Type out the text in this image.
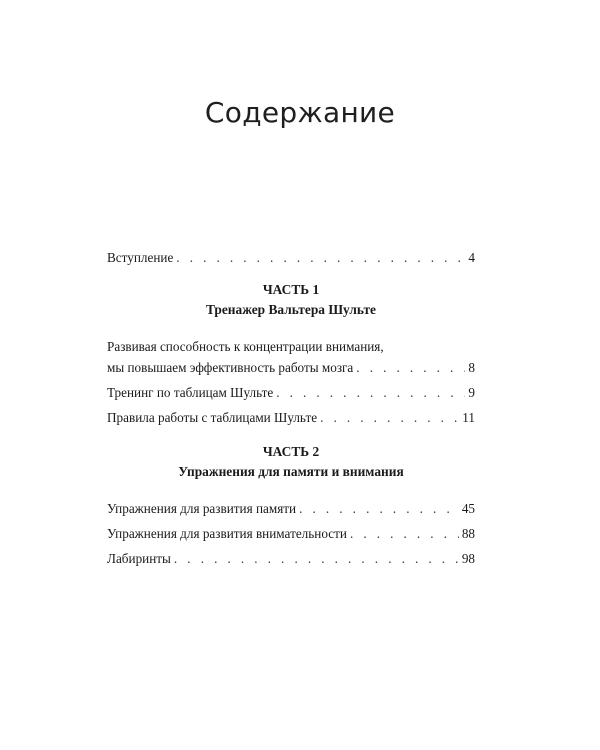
Содержание
Вступление . . .	4
ЧАСТЬ 1
Тренажер Вальтера Шульте
Развивая способность к концентрации внимания,
мы повышаем эффективность работы мозга . . .	8
Тренинг по таблицам Шульте . . .	9
Правила работы с таблицами Шульте . . .	11
ЧАСТЬ 2
Упражнения для памяти и внимания
Упражнения для развития памяти . . .	45
Упражнения для развития внимательности . . .	88
Лабиринты . . .	98
